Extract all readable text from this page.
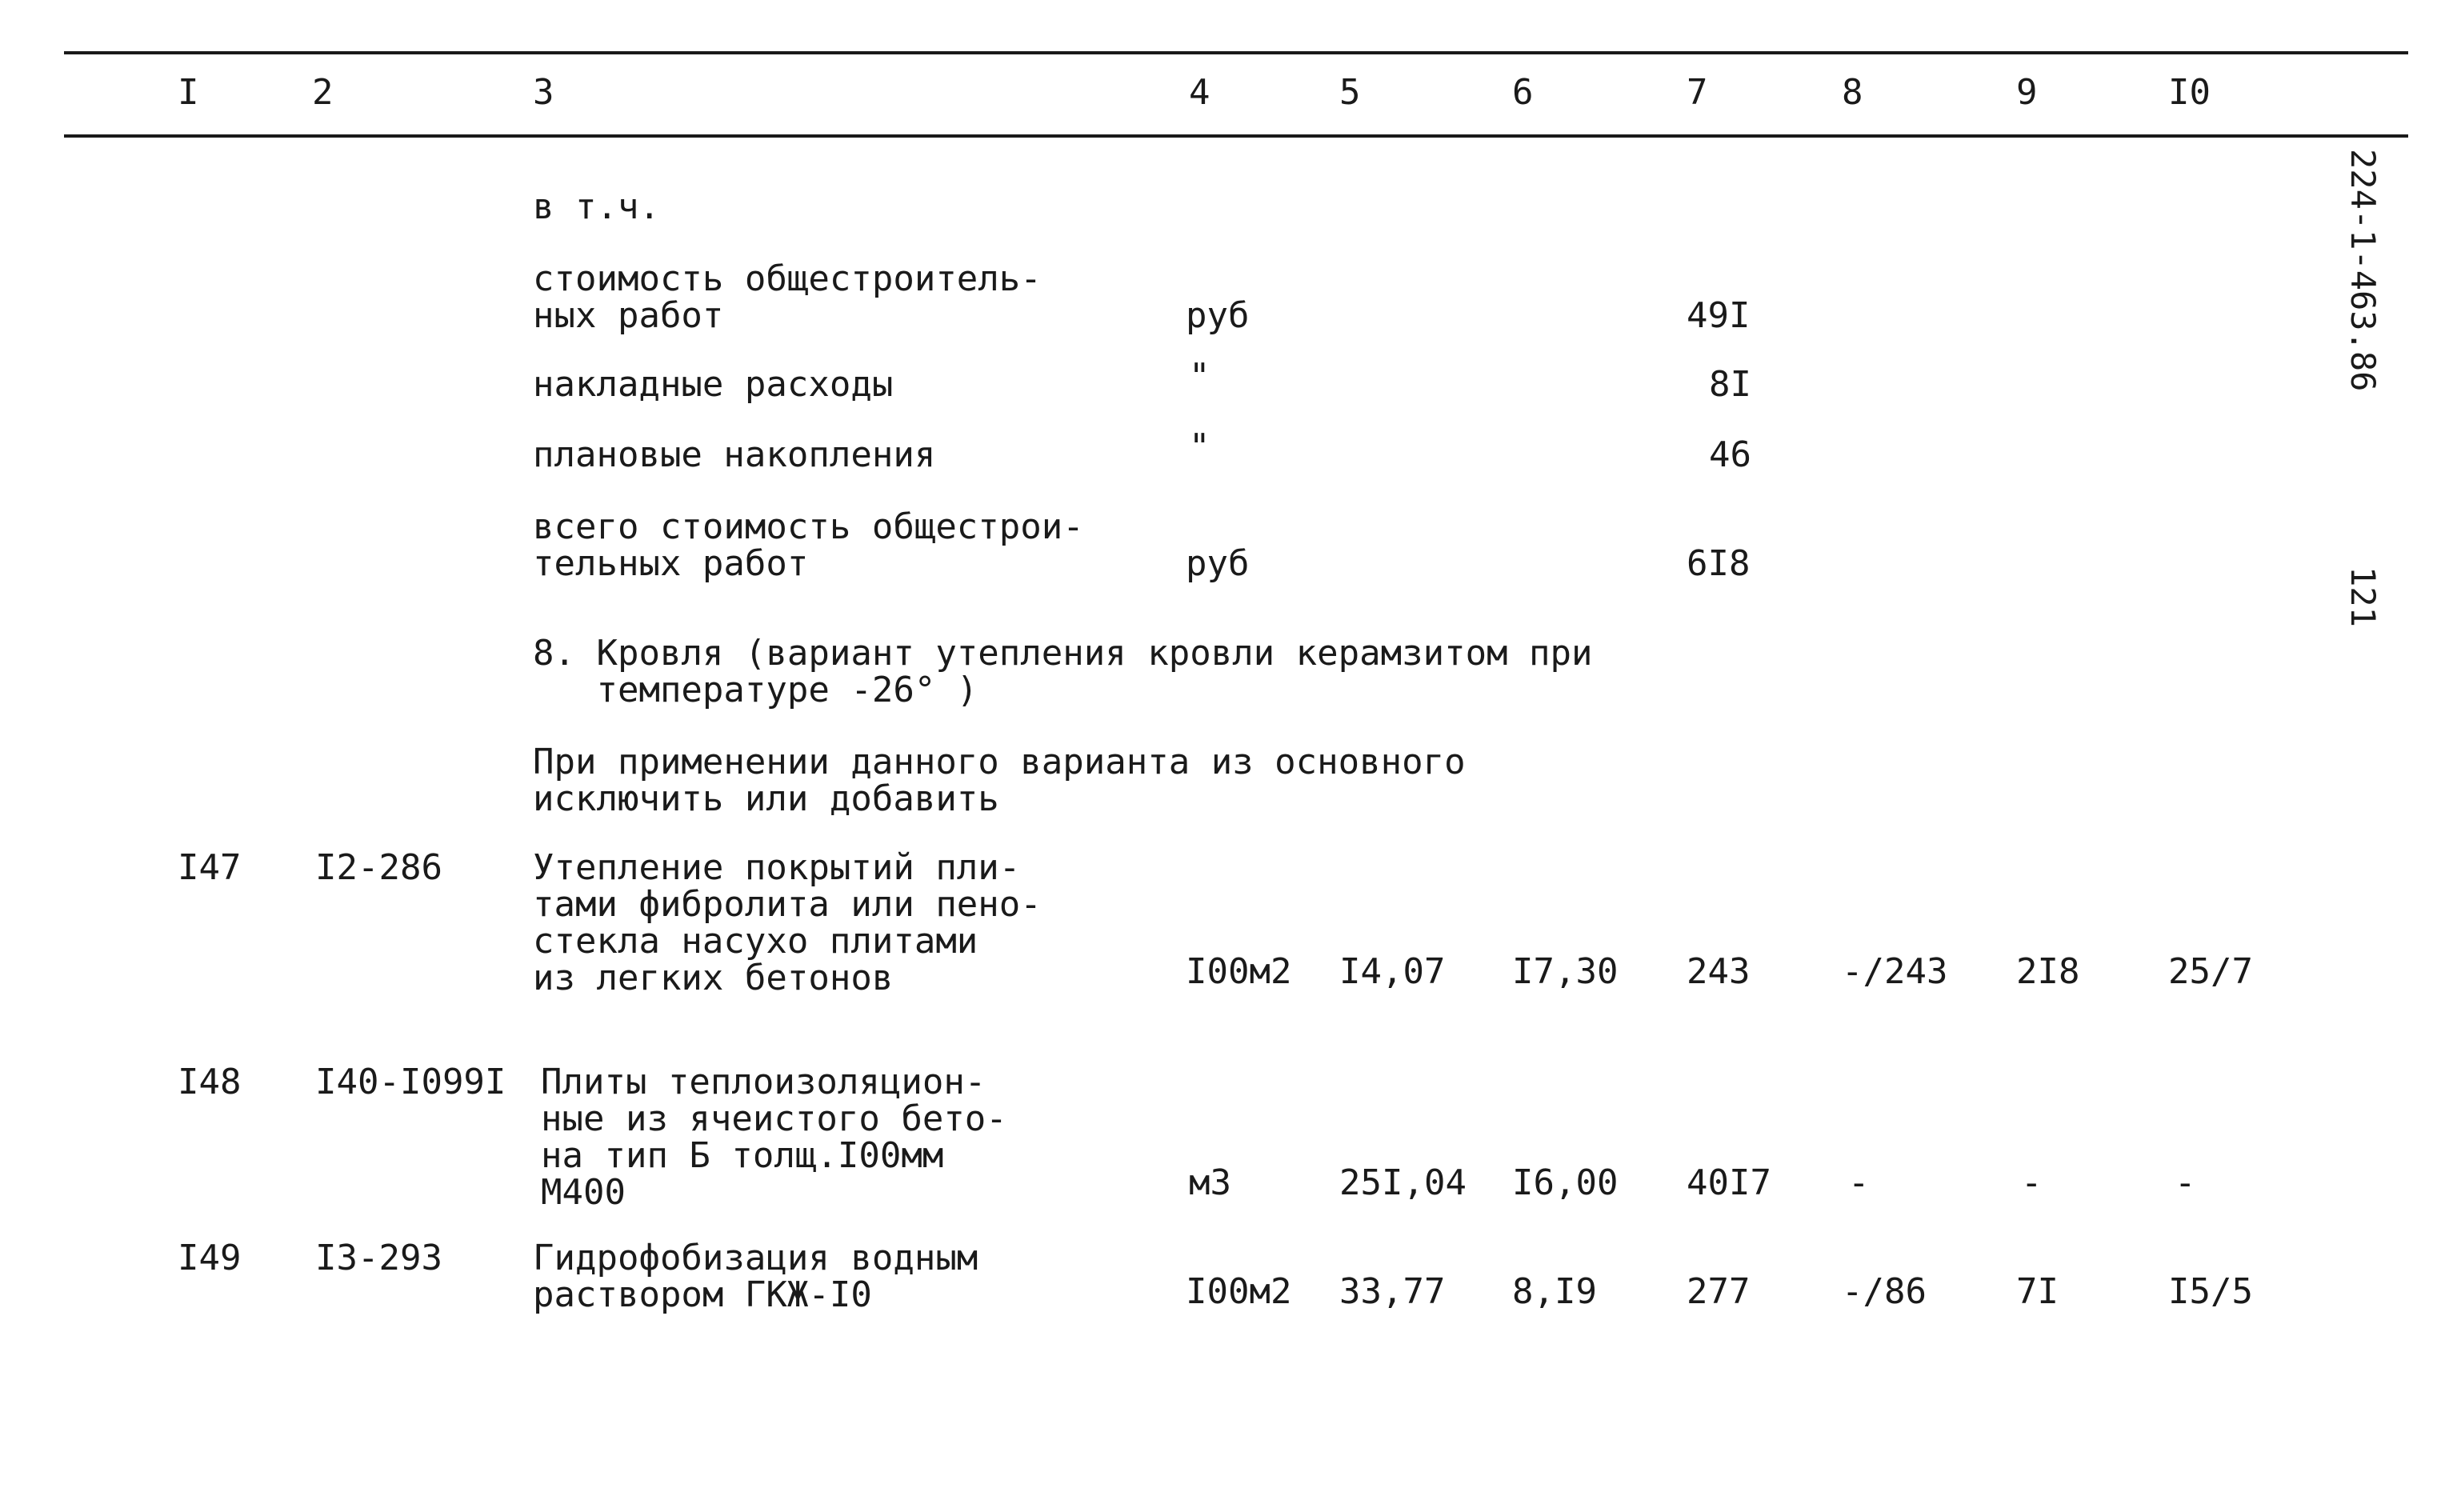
I	2	3	4	5	6	7	8	9	I0
224-1-463.86
121
в т.ч.
стоимость общестроитель-
ных работ	руб	49I
накладные расходы	"	8I
плановые накопления	"	46
всего стоимость общестрои-
тельных работ	руб	6I8
8. Кровля (вариант утепления кровли керамзитом при
температуре -26° )
При применении данного варианта из основного
исключить или добавить
I47 I2-286	Утепление покрытий пли-
тами фибролита или пено-
стекла насухо плитами
из легких бетонов	I00м2 I4,07 I7,30 243	-/243 2I8	25/7
I48 I40-I099I Плиты теплоизоляцион-
ные из ячеистого бето-
на тип Б толщ.I00мм
М400	м3	25I,04 I6,00 40I7 -	-	-
I49 I3-293	Гидрофобизация водным
раствором ГКЖ-I0	I00м2 33,77 8,I9	277	-/86	7I	I5/5
